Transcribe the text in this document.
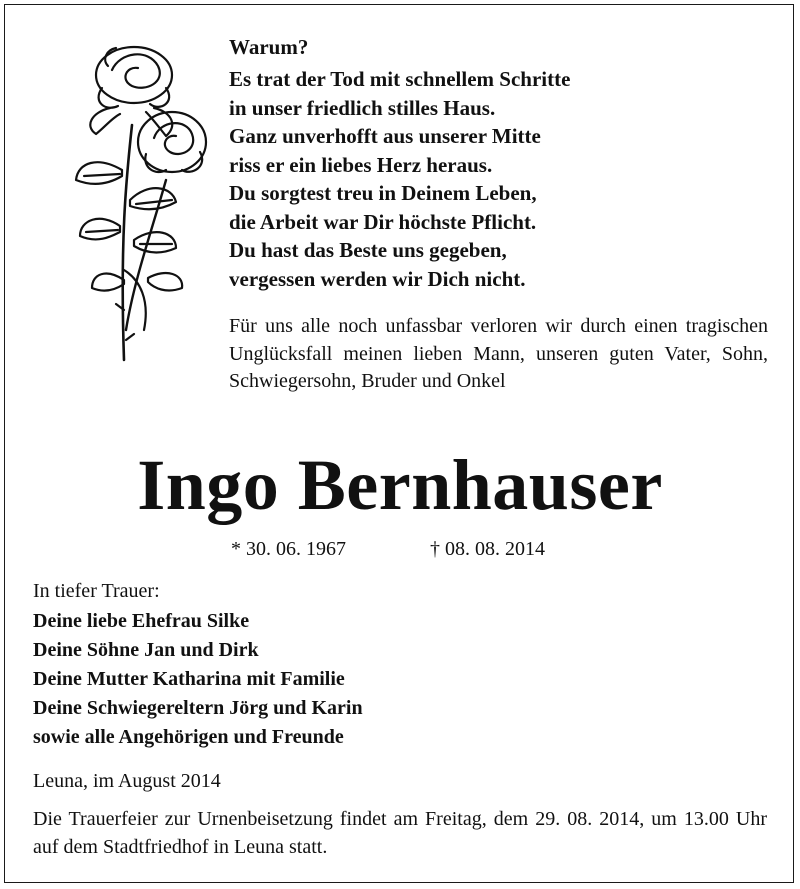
Warum?
Es trat der Tod mit schnellem Schritte
in unser friedlich stilles Haus.
Ganz unverhofft aus unserer Mitte
riss er ein liebes Herz heraus.
Du sorgtest treu in Deinem Leben,
die Arbeit war Dir höchste Pflicht.
Du hast das Beste uns gegeben,
vergessen werden wir Dich nicht.
Für uns alle noch unfassbar verloren wir durch einen tragischen Unglücksfall meinen lieben Mann, unseren guten Vater, Sohn, Schwiegersohn, Bruder und Onkel
Ingo Bernhauser
* 30. 06. 1967	† 08. 08. 2014
In tiefer Trauer:
Deine liebe Ehefrau Silke
Deine Söhne Jan und Dirk
Deine Mutter Katharina mit Familie
Deine Schwiegereltern Jörg und Karin
sowie alle Angehörigen und Freunde
Leuna, im August 2014
Die Trauerfeier zur Urnenbeisetzung findet am Freitag, dem 29. 08. 2014, um 13.00 Uhr auf dem Stadtfriedhof in Leuna statt.
